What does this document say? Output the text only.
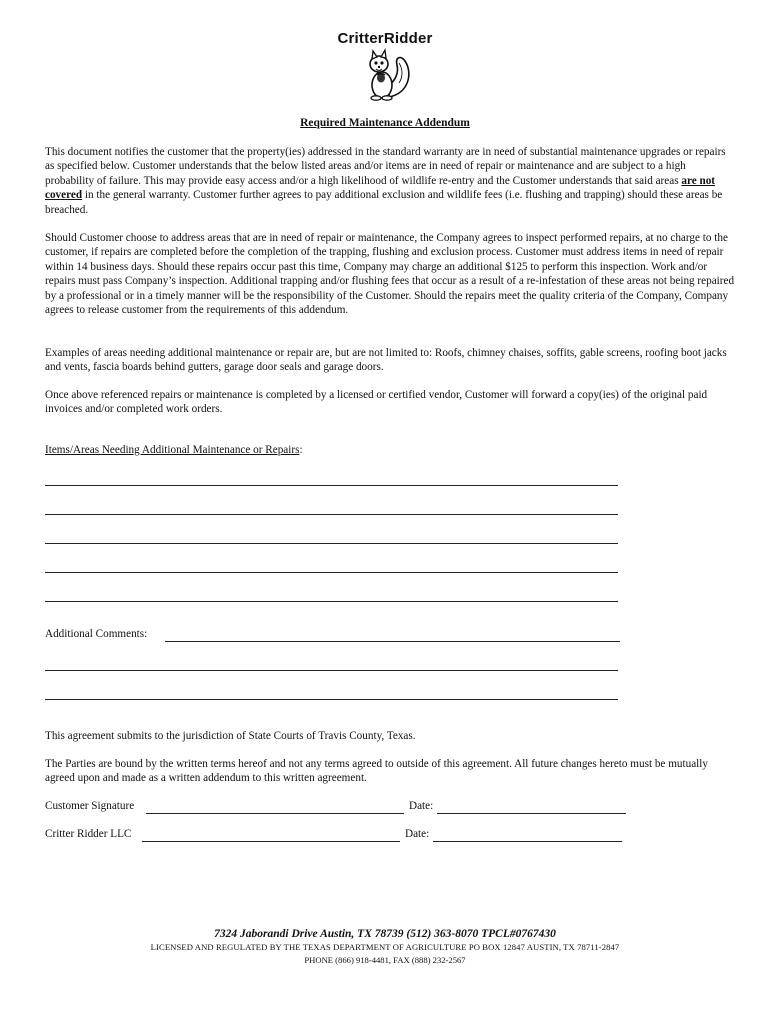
CritterRidder
Required Maintenance Addendum
This document notifies the customer that the property(ies) addressed in the standard warranty are in need of substantial maintenance upgrades or repairs as specified below. Customer understands that the below listed areas and/or items are in need of repair or maintenance and are subject to a high probability of failure. This may provide easy access and/or a high likelihood of wildlife re-entry and the Customer understands that said areas are not covered in the general warranty. Customer further agrees to pay additional exclusion and wildlife fees (i.e. flushing and trapping) should these areas be breached.
Should Customer choose to address areas that are in need of repair or maintenance, the Company agrees to inspect performed repairs, at no charge to the customer, if repairs are completed before the completion of the trapping, flushing and exclusion process. Customer must address items in need of repair within 14 business days. Should these repairs occur past this time, Company may charge an additional $125 to perform this inspection. Work and/or repairs must pass Company’s inspection. Additional trapping and/or flushing fees that occur as a result of a re-infestation of these areas not being repaired by a professional or in a timely manner will be the responsibility of the Customer. Should the repairs meet the quality criteria of the Company, Company agrees to release customer from the requirements of this addendum.
Examples of areas needing additional maintenance or repair are, but are not limited to: Roofs, chimney chaises, soffits, gable screens, roofing boot jacks and vents, fascia boards behind gutters, garage door seals and garage doors.
Once above referenced repairs or maintenance is completed by a licensed or certified vendor, Customer will forward a copy(ies) of the original paid invoices and/or completed work orders.
Items/Areas Needing Additional Maintenance or Repairs:
Additional Comments:
This agreement submits to the jurisdiction of State Courts of Travis County, Texas.
The Parties are bound by the written terms hereof and not any terms agreed to outside of this agreement. All future changes hereto must be mutually agreed upon and made as a written addendum to this written agreement.
Customer Signature	Date:
Critter Ridder LLC	Date:
7324 Jaborandi Drive Austin, TX 78739 (512) 363-8070 TPCL#0767430
LICENSED AND REGULATED BY THE TEXAS DEPARTMENT OF AGRICULTURE PO BOX 12847 AUSTIN, TX 78711-2847
PHONE (866) 918-4481, FAX (888) 232-2567
